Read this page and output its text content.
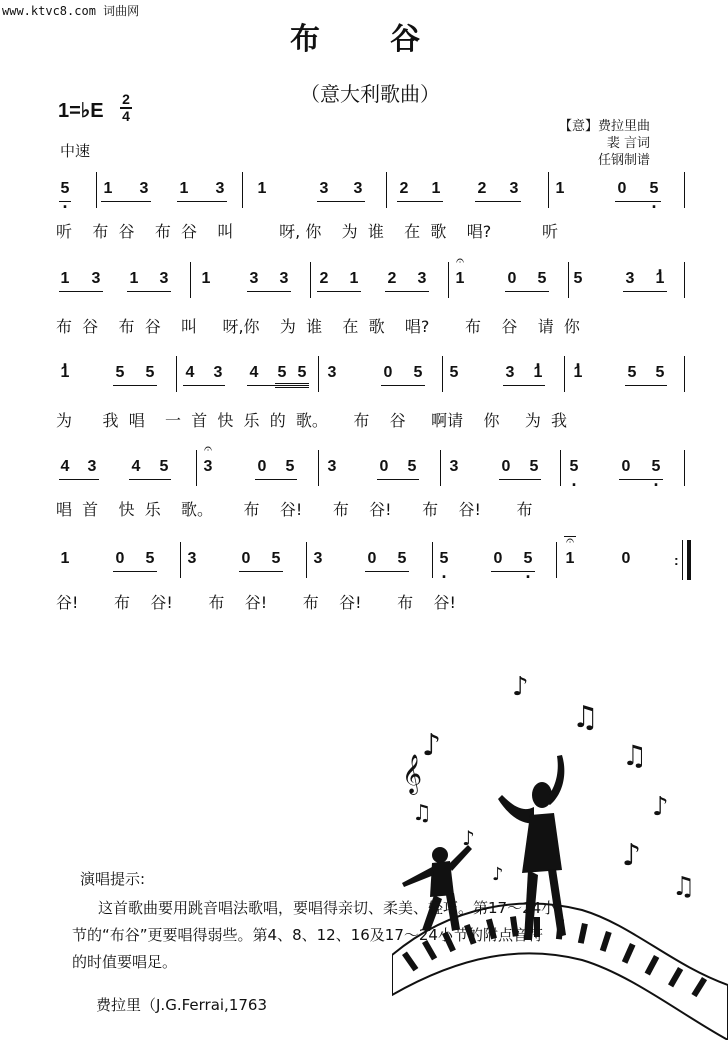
www.ktvc8.com 词曲网
布 谷
（意大利歌曲）
1=♭E
2
4
中速
【意】费拉里曲
裴 言词
任钢制谱
5 . 1 3 1 3 1	3 3 2 1 2 3 1	0 5 .
听    布  谷    布  谷    叫         呀, 你    为  谁    在  歌    唱?          听
1 3 1 3 1 3 3 2 1 2 3 𝄐 1	0 5 5	3 . 1
布  谷    布  谷    叫     呀,你    为  谁    在  歌    唱?       布    谷    请  你
. 1	5 5 4 3 4 5 5 3	0 5 5	3 . 1 . 1	5 5
为      我  唱    一  首  快  乐  的  歌。     布    谷     啊请    你     为  我
4 3 4 5 𝄐 3	0 5 3	0 5 3	0 5 5 .	0 5 .
唱  首    快  乐    歌。      布    谷!      布    谷!      布    谷!       布
1	0 5 3	0 5 3	0 5 5 .	0 5 . 𝄐 1	0	:
谷!       布    谷!       布    谷!       布    谷!       布    谷!
♪
♫
♪
𝄞	♫
♪
♫
♪	♪
♫
♪
演唱提示:

这首歌曲要用跳音唱法歌唱，要唱得亲切、柔美、轻巧。第17～24小

节的“布谷”更要唱得弱些。第4、8、12、16及17～24小节的附点音符

的时值要唱足。

费拉里（J.G.Ferrai,1763
